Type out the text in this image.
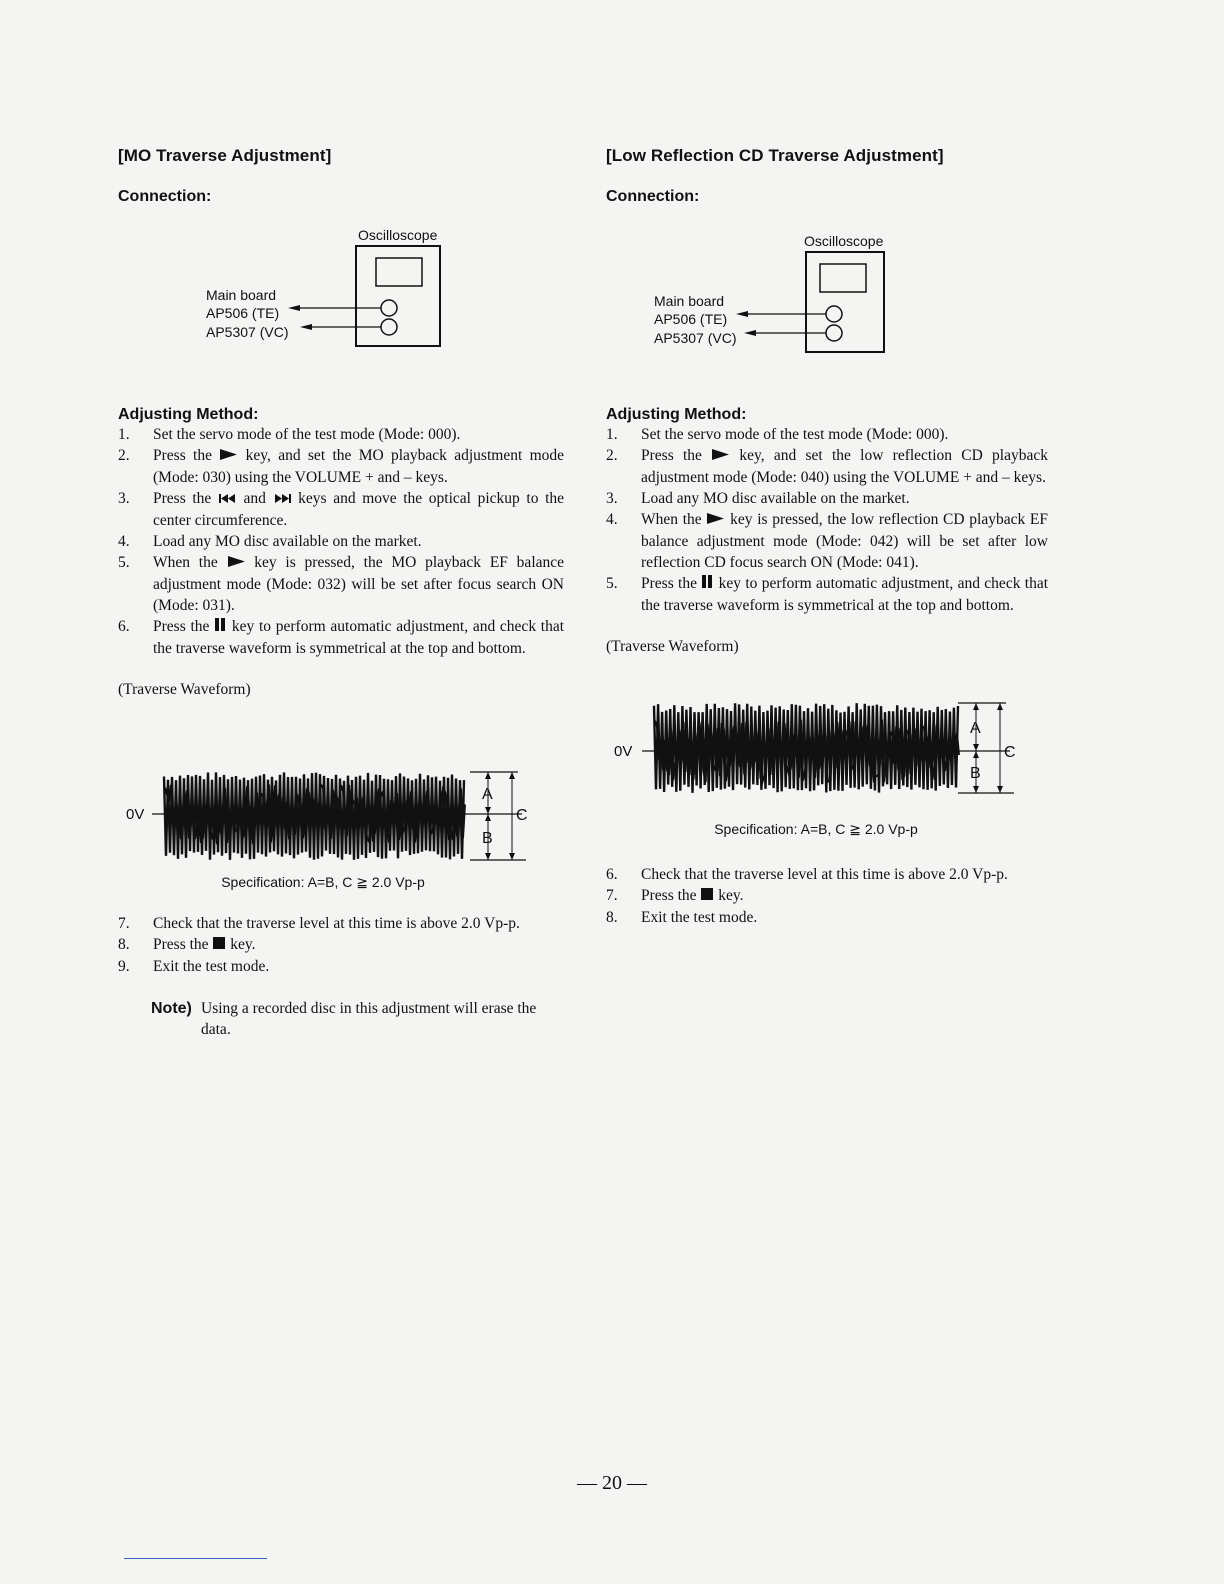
[MO Traverse Adjustment]
Connection:
Oscilloscope
Main board
AP506 (TE)
AP5307 (VC)
Adjusting Method:
1. Set the servo mode of the test mode (Mode: 000).
2. Press the key, and set the MO playback adjustment mode (Mode: 030) using the VOLUME + and – keys.
3. Press the and keys and move the optical pickup to the center circumference.
4. Load any MO disc available on the market.
5. When the key is pressed, the MO playback EF balance adjustment mode (Mode: 032) will be set after focus search ON (Mode: 031).
6. Press the key to perform automatic adjustment, and check that the traverse waveform is symmetrical at the top and bottom.
(Traverse Waveform)
0V
A
B
C
Specification: A=B, C ≧ 2.0 Vp-p
7. Check that the traverse level at this time is above 2.0 Vp-p.
8. Press the key.
9. Exit the test mode.
Note) Using a recorded disc in this adjustment will erase the data.
[Low Reflection CD Traverse Adjustment]
Connection:
Oscilloscope
Main board
AP506 (TE)
AP5307 (VC)
Adjusting Method:
1. Set the servo mode of the test mode (Mode: 000).
2. Press the key, and set the low reflection CD playback adjustment mode (Mode: 040) using the VOLUME + and – keys.
3. Load any MO disc available on the market.
4. When the key is pressed, the low reflection CD playback EF balance adjustment mode (Mode: 042) will be set after low reflection CD focus search ON (Mode: 041).
5. Press the key to perform automatic adjustment, and check that the traverse waveform is symmetrical at the top and bottom.
(Traverse Waveform)
0V
A
B
C
Specification: A=B, C ≧ 2.0 Vp-p
6. Check that the traverse level at this time is above 2.0 Vp-p.
7. Press the key.
8. Exit the test mode.
— 20 —
